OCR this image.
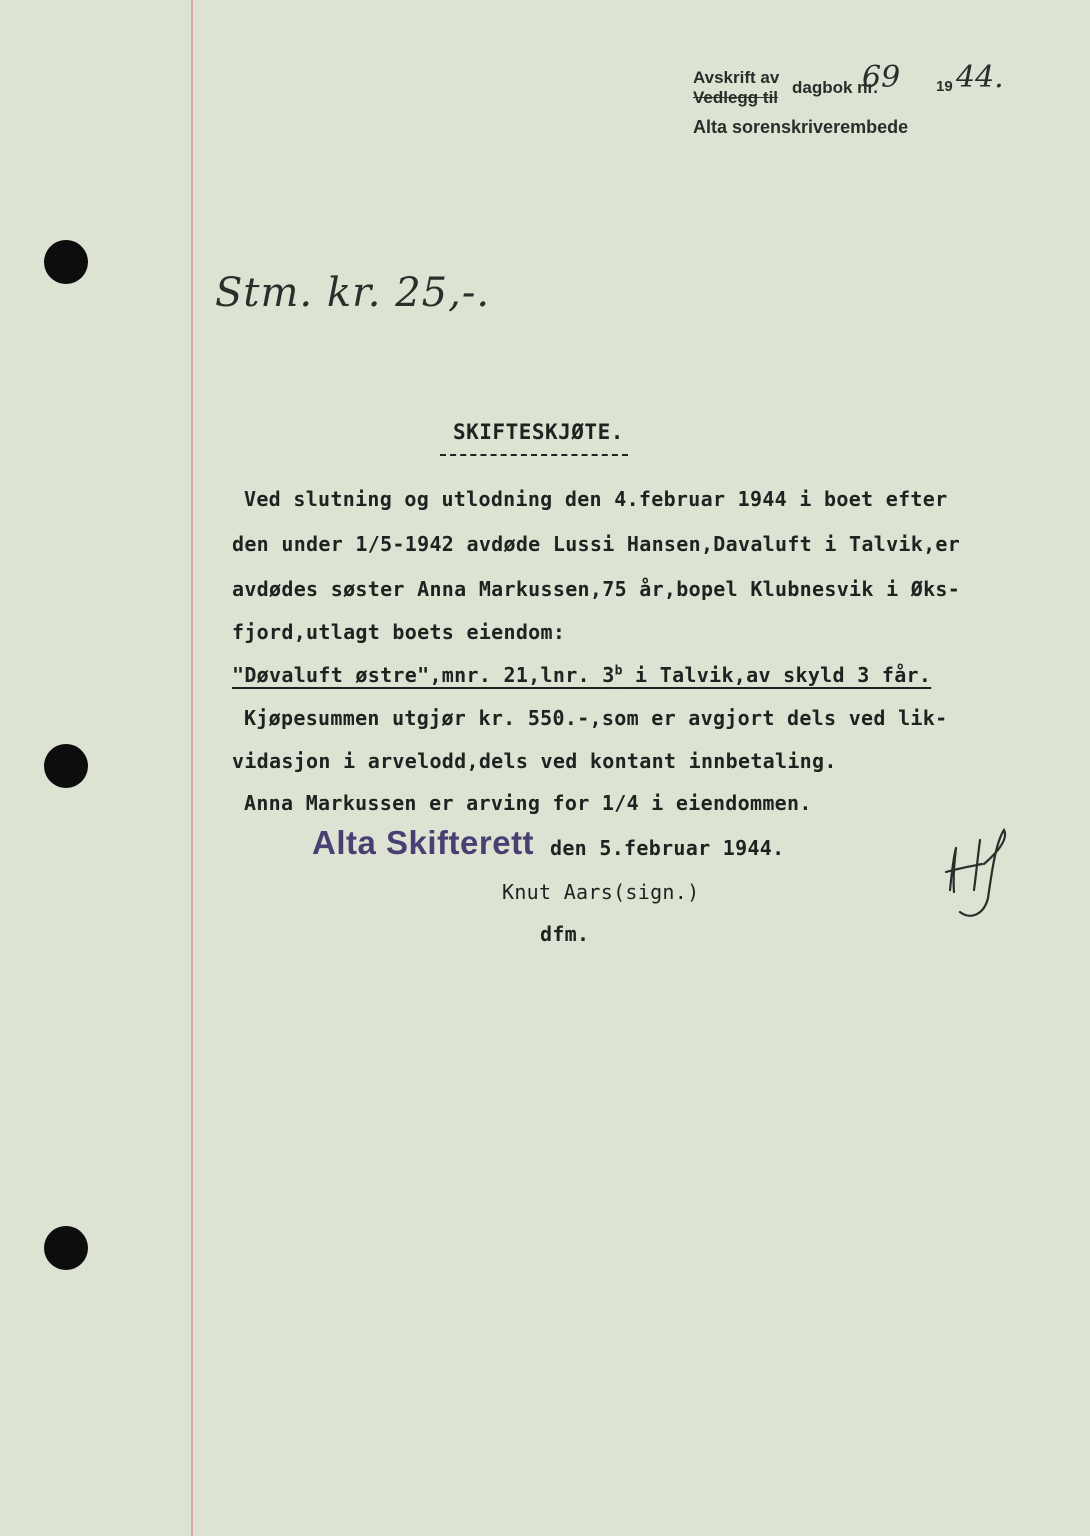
Avskrift av
Vedlegg til
dagbok nr.
69 19 44.
Alta sorenskriverembede
Stm. kr. 25,-.
SKIFTESKJØTE.
Ved slutning og utlodning den 4.februar 1944 i boet efter
den under 1/5-1942 avdøde Lussi Hansen,Davaluft i Talvik,er
avdødes søster Anna Markussen,75 år,bopel Klubnesvik i Øks-
fjord,utlagt boets eiendom:
"Døvaluft østre",mnr. 21,lnr. 3$^b$ i Talvik,av skyld 3 får.
Kjøpesummen utgjør kr. 550.-,som er avgjort dels ved lik-
vidasjon i arvelodd,dels ved kontant innbetaling.
Anna Markussen er arving for 1/4 i eiendommen.
Alta Skifterett den 5.februar 1944.
Knut Aars(sign.)
dfm.
